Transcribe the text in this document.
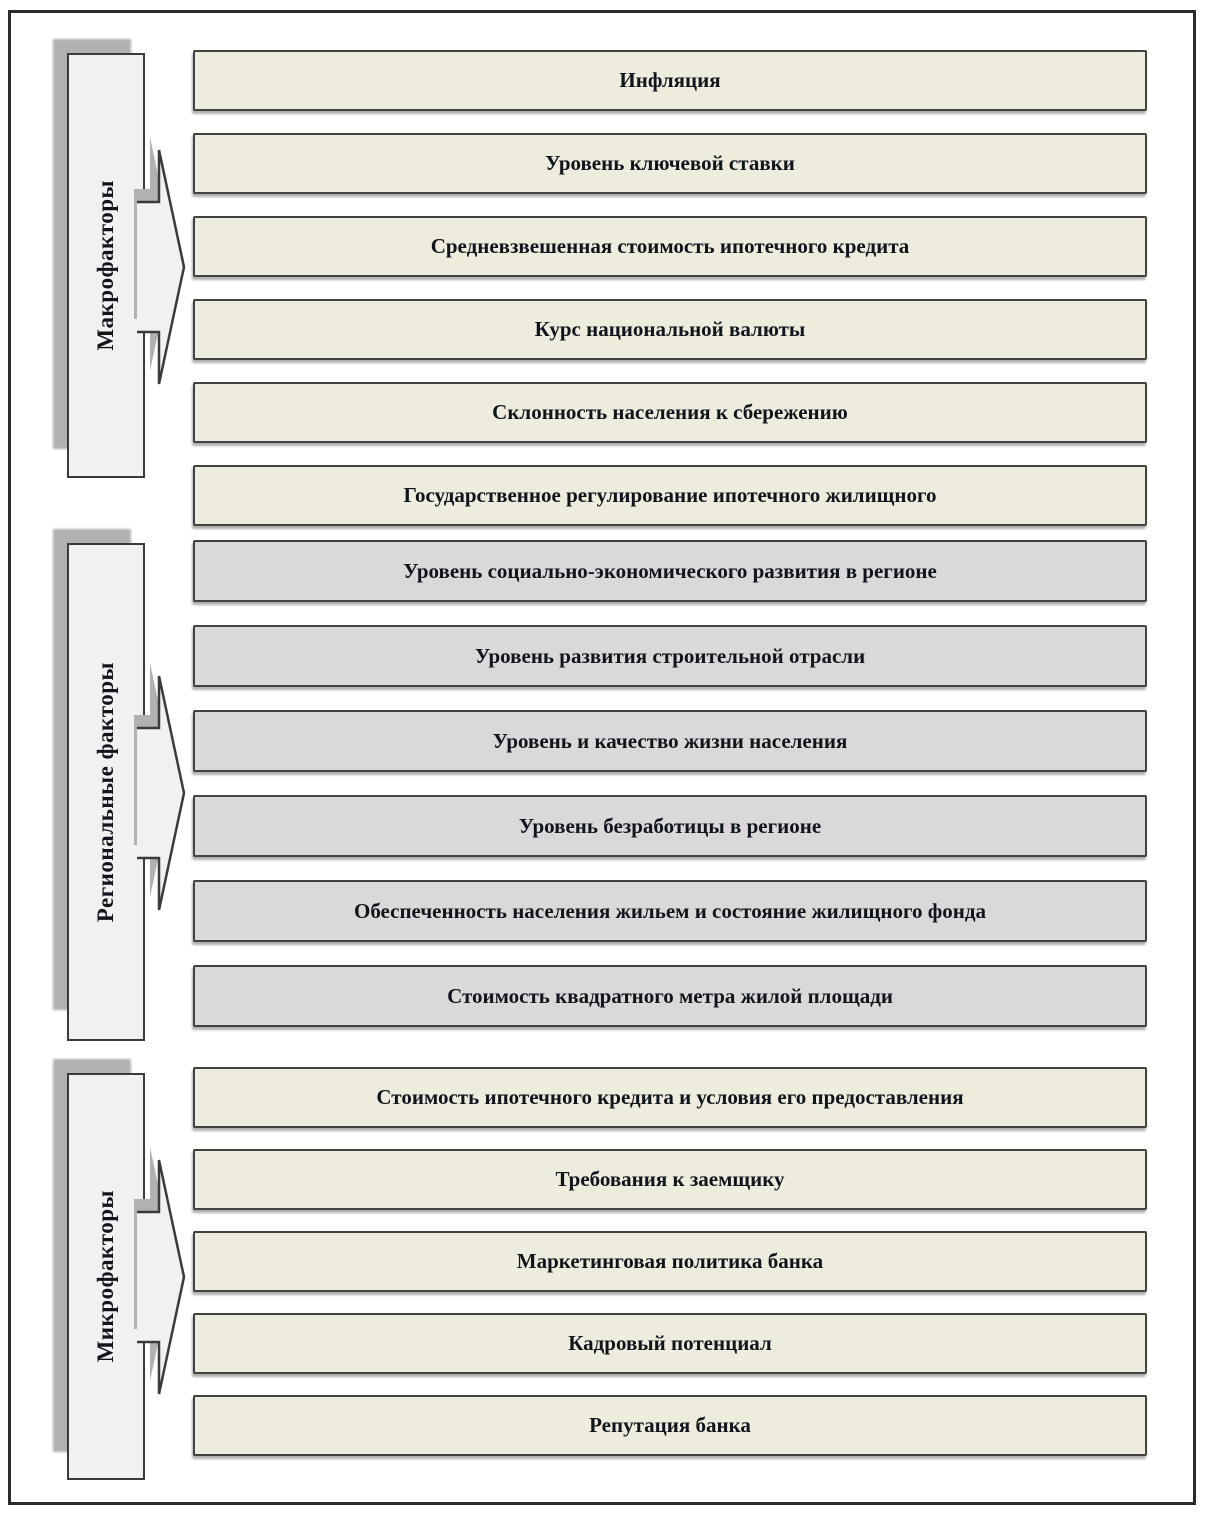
Макрофакторы
Инфляция
Уровень ключевой ставки
Средневзвешенная стоимость ипотечного кредита
Курс национальной валюты
Склонность населения к сбережению
Государственное регулирование ипотечного жилищного
Региональные факторы
Уровень социально-экономического развития в регионе
Уровень развития строительной отрасли
Уровень и качество жизни населения
Уровень безработицы в регионе
Обеспеченность населения жильем и состояние жилищного фонда
Стоимость квадратного метра жилой площади
Микрофакторы
Стоимость ипотечного кредита и условия его предоставления
Требования к заемщику
Маркетинговая политика банка
Кадровый потенциал
Репутация банка
